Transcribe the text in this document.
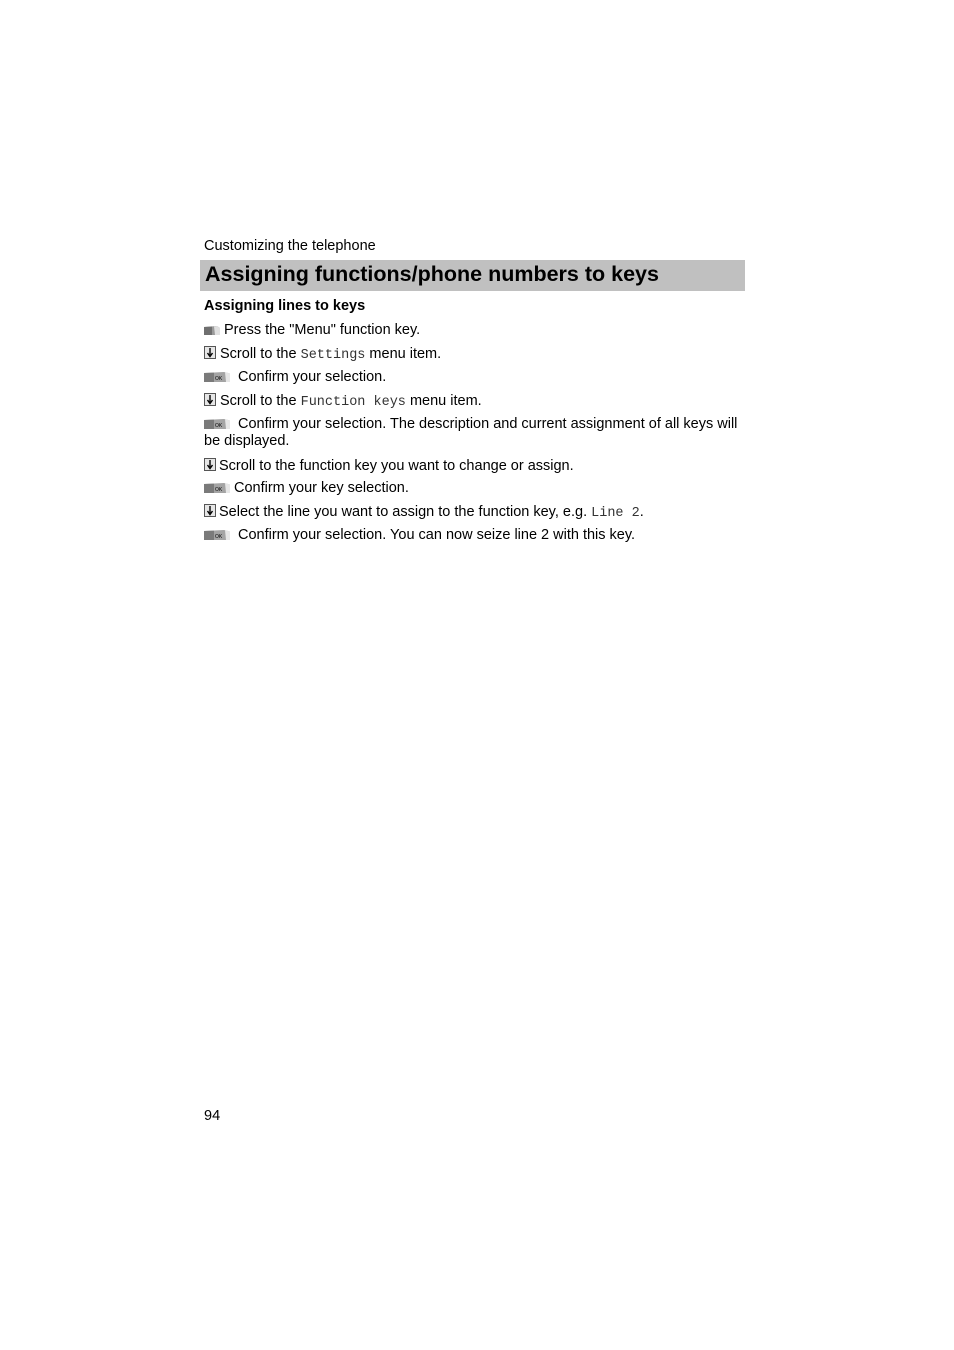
Customizing the telephone
Assigning functions/phone numbers to keys
Assigning lines to keys
Press the "Menu" function key.
Scroll to the Settings menu item.
OK Confirm your selection.
Scroll to the Function keys menu item.
OK Confirm your selection. The description and current assignment of all keys will be displayed.
Scroll to the function key you want to change or assign.
OK Confirm your key selection.
Select the line you want to assign to the function key, e.g. Line 2.
OK Confirm your selection. You can now seize line 2 with this key.
94
